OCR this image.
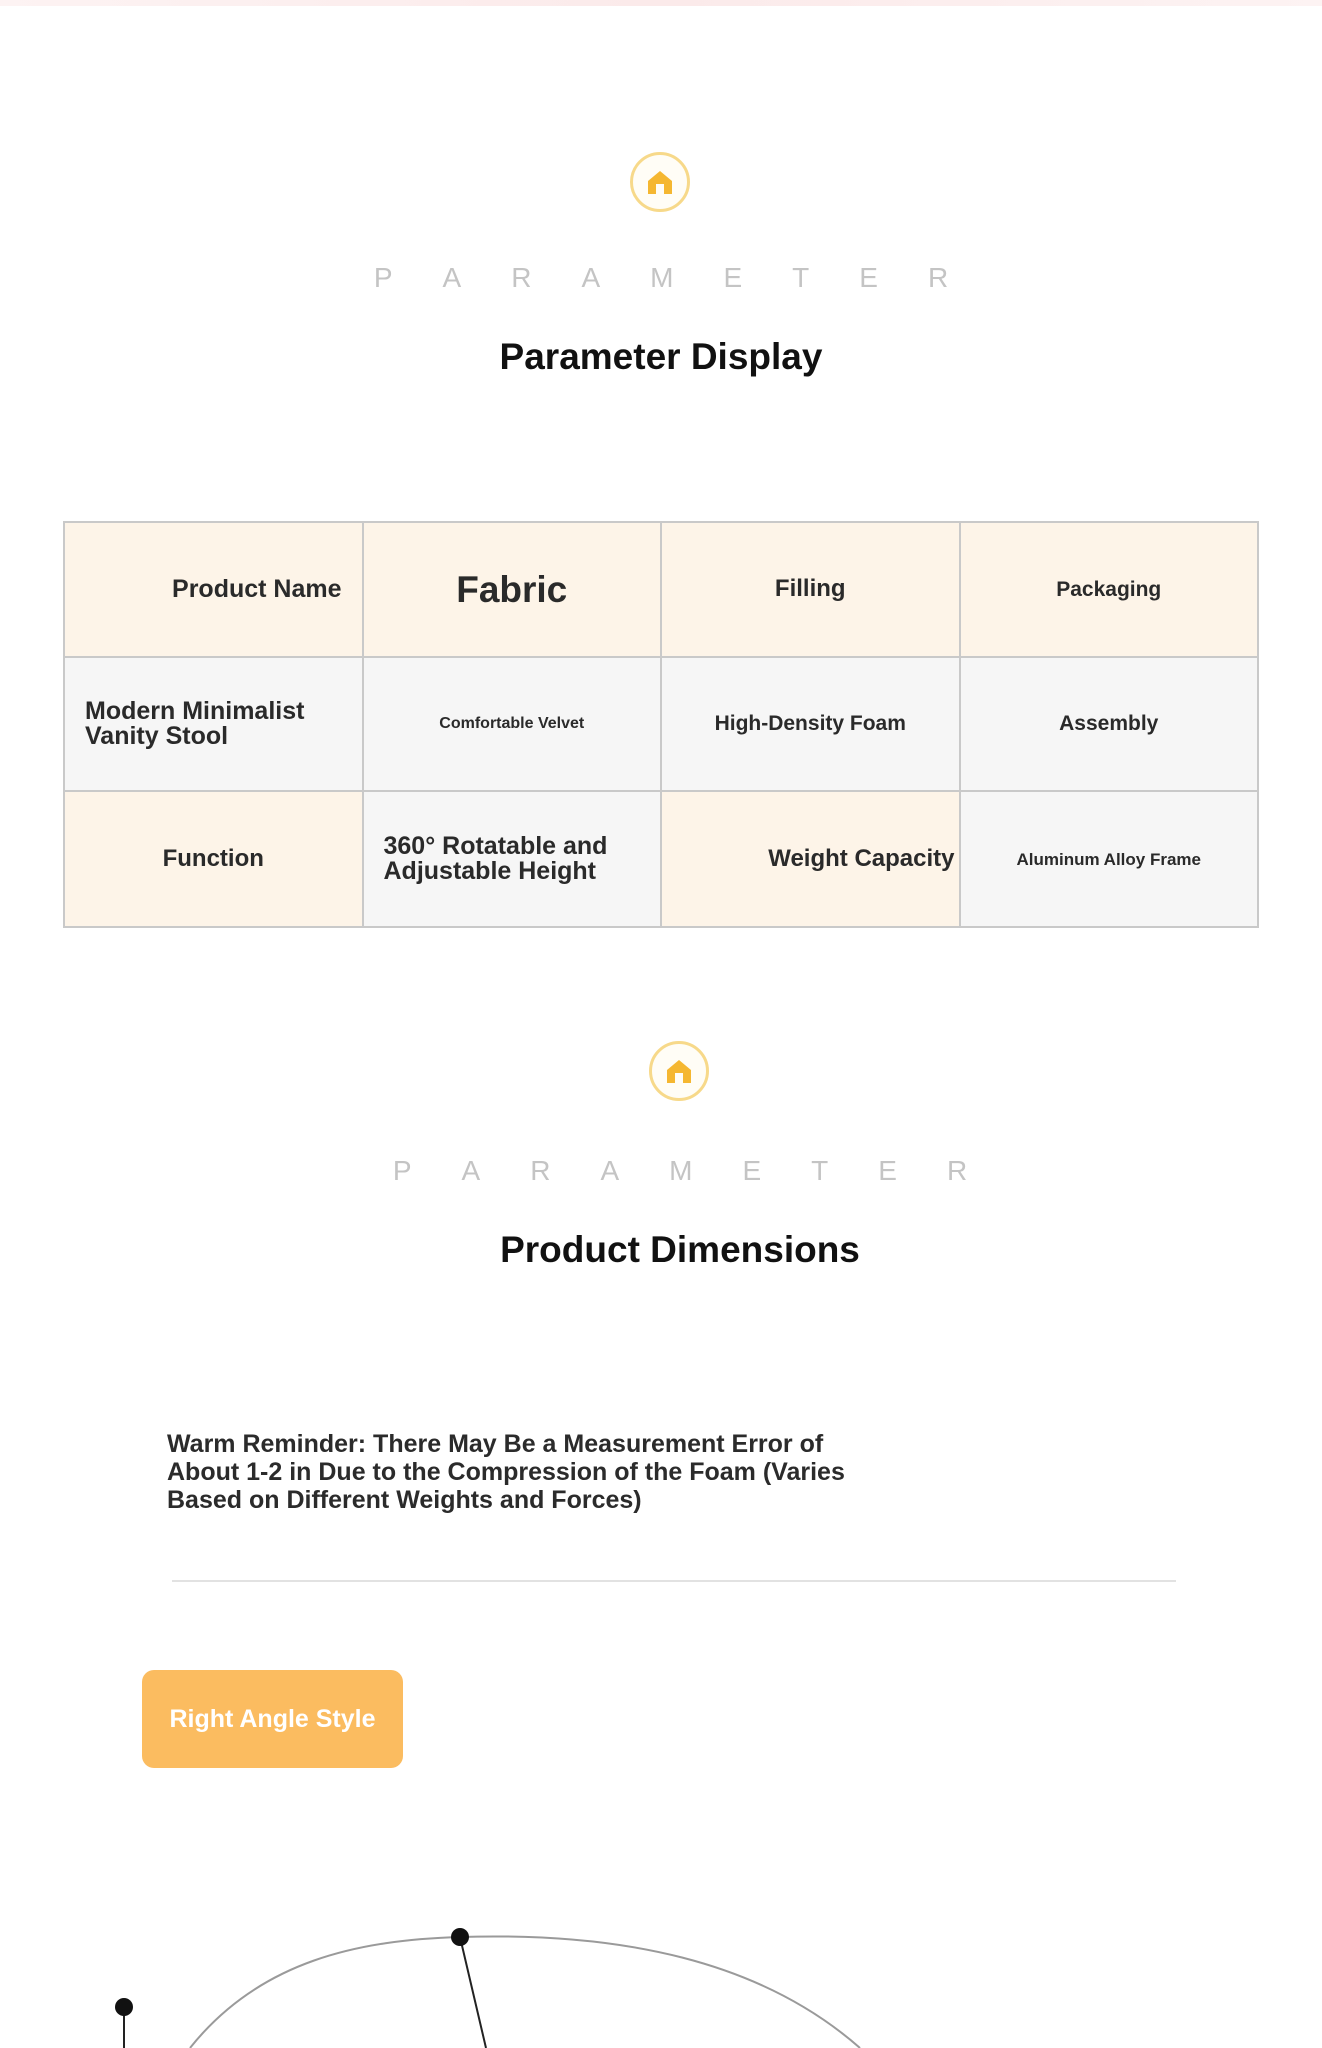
P A R A M E T E R
Parameter Display
Product Name	Fabric	Filling	Packaging
Modern Minimalist Vanity Stool	Comfortable Velvet	High-Density Foam	Assembly
Function	360° Rotatable and Adjustable Height	Weight Capacity	Aluminum Alloy Frame
P A R A M E T E R
Product Dimensions
Warm Reminder: There May Be a Measurement Error of About 1-2 in Due to the Compression of the Foam (Varies Based on Different Weights and Forces)
Right Angle Style
